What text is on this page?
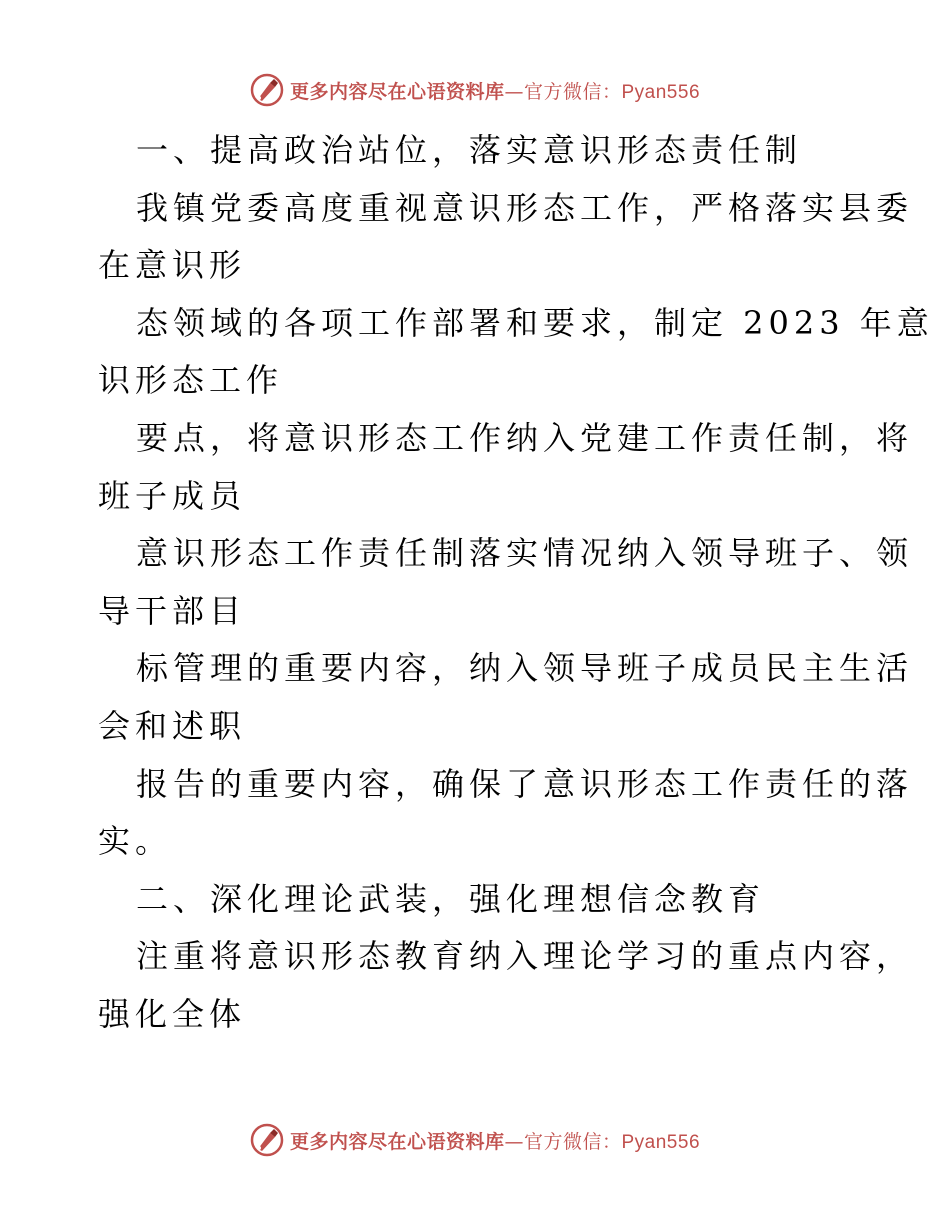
更多内容尽在心语资料库—官方微信：Pyan556
一、提高政治站位，落实意识形态责任制
我镇党委高度重视意识形态工作，严格落实县委
在意识形
态领域的各项工作部署和要求，制定 2023 年意
识形态工作
要点，将意识形态工作纳入党建工作责任制，将
班子成员
意识形态工作责任制落实情况纳入领导班子、领
导干部目
标管理的重要内容，纳入领导班子成员民主生活
会和述职
报告的重要内容，确保了意识形态工作责任的落
实。
二、深化理论武装，强化理想信念教育
注重将意识形态教育纳入理论学习的重点内容，
强化全体
更多内容尽在心语资料库—官方微信：Pyan556
